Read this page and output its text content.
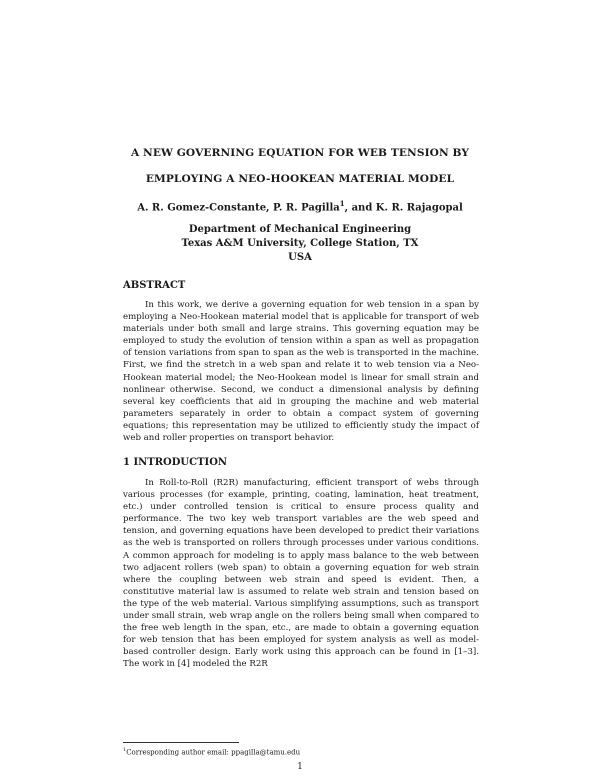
A NEW GOVERNING EQUATION FOR WEB TENSION BY
EMPLOYING A NEO-HOOKEAN MATERIAL MODEL
A. R. Gomez-Constante, P. R. Pagilla$^1$, and K. R. Rajagopal
Department of Mechanical Engineering
Texas A&M University, College Station, TX
USA
ABSTRACT

In this work, we derive a governing equation for web tension in a span by employing a Neo-Hookean material model that is applicable for transport of web materials under both small and large strains. This governing equation may be employed to study the evolution of tension within a span as well as propagation of tension variations from span to span as the web is transported in the machine. First, we find the stretch in a web span and relate it to web tension via a Neo-Hookean material model; the Neo-Hookean model is linear for small strain and nonlinear otherwise. Second, we conduct a dimensional analysis by defining several key coefficients that aid in grouping the machine and web material parameters separately in order to obtain a compact system of governing equations; this representation may be utilized to efficiently study the impact of web and roller properties on transport behavior.

1 INTRODUCTION

In Roll-to-Roll (R2R) manufacturing, efficient transport of webs through various processes (for example, printing, coating, lamination, heat treatment, etc.) under controlled tension is critical to ensure process quality and performance. The two key web transport variables are the web speed and tension, and governing equations have been developed to predict their variations as the web is transported on rollers through processes under various conditions. A common approach for modeling is to apply mass balance to the web between two adjacent rollers (web span) to obtain a governing equation for web strain where the coupling between web strain and speed is evident. Then, a constitutive material law is assumed to relate web strain and tension based on the type of the web material. Various simplifying assumptions, such as transport under small strain, web wrap angle on the rollers being small when compared to the free web length in the span, etc., are made to obtain a governing equation for web tension that has been employed for system analysis as well as model-based controller design. Early work using this approach can be found in [1–3]. The work in [4] modeled the R2R

$^1$Corresponding author email: ppagilla@tamu.edu
1
